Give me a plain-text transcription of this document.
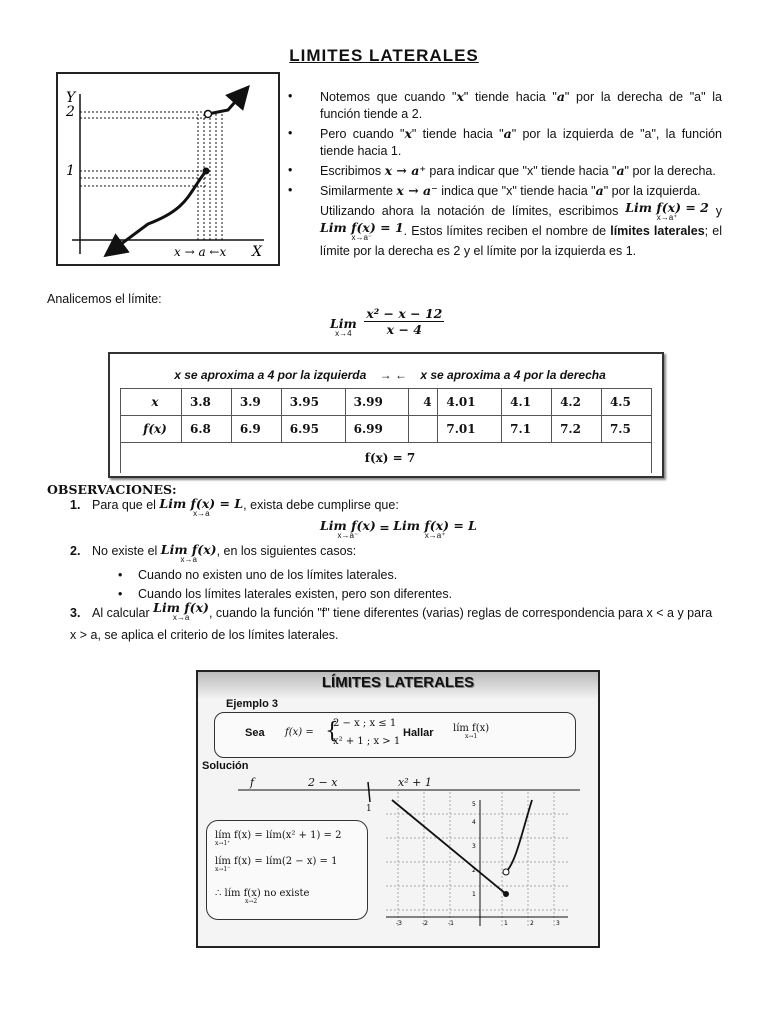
LIMITES LATERALES
Y
X
2
1
x → a ←x
• Notemos que cuando "x" tiende hacia "a" por la derecha de "a" la función tiende a 2.
• Pero cuando "x" tiende hacia "a" por la izquierda de "a", la función tiende hacia 1.
• Escribimos x → a⁺ para indicar que "x" tiende hacia "a" por la derecha.
• Similarmente x → a⁻ indica que "x" tiende hacia "a" por la izquierda.
Utilizando ahora la notación de límites, escribimos Lim f(x) = 2
x→a⁺	y Lim f(x) = 1
x→a⁻	. Estos límites reciben el nombre de límites laterales; el límite por la derecha es 2 y el límite por la izquierda es 1.
Analicemos el límite:
Lim
x→4
	$\frac{\text{x² − x − 12}}{x - 4}$
x se aproxima a 4 por la izquierda → ← x se aproxima a 4 por la derecha									
x	3.8	3.9	3.95	3.99	4	4.01	4.1	4.2	4.5
f(x)	6.8	6.9	6.95	6.99		7.01	7.1	7.2	7.5
f(x) = 7									
OBSERVACIONES:
1. Para que el Lim f(x) = L
x→a
, exista debe cumplirse que:
Lim f(x)
x→a⁻
= Lim f(x) = L
x→a⁺
2. No existe el Lim f(x)
x→a
, en los siguientes casos:
• Cuando no existen uno de los límites laterales.
• Cuando los límites laterales existen, pero son diferentes.
3. Al calcular Lim f(x)
x→a	, cuando la función "f" tiene diferentes (varias) reglas de correspondencia para x < a y para x > a, se aplica el criterio de los límites laterales.
LÍMITES LATERALES
Ejemplo 3
Sea f(x) = {
2 − x ; x ≤ 1
x² + 1 ; x > 1
Hallar lím f(x)
x→1
Solución
f	2 − x	x² + 1
1
-3	-2	-1	1	2	3
1
2
3
4
5
lím f(x) = lím(x² + 1) = 2
x→1⁺
lím f(x) = lím(2 − x) = 1
x→1⁻
∴ lím f(x) no existe
x→2
